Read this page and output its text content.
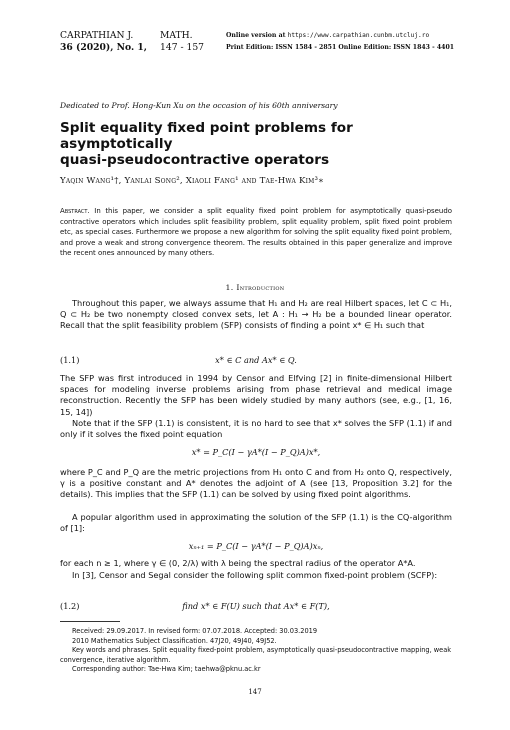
CARPATHIAN J.
36 (2020), No. 1,
MATH.
147 - 157
Online version at https://www.carpathian.cunbm.utcluj.ro
Print Edition: ISSN 1584 - 2851 Online Edition: ISSN 1843 - 4401
Dedicated to Prof. Hong-Kun Xu on the occasion of his 60th anniversary
Split equality fixed point problems for asymptotically
quasi-pseudocontractive operators
Yaqin Wang¹†, Yanlai Song², Xiaoli Fang¹ and Tae-Hwa Kim³∗
Abstract. In this paper, we consider a split equality fixed point problem for asymptotically quasi-pseudo contractive operators which includes split feasibility problem, split equality problem, split fixed point problem etc, as special cases. Furthermore we propose a new algorithm for solving the split equality fixed point problem, and prove a weak and strong convergence theorem. The results obtained in this paper generalize and improve the recent ones announced by many others.
1. Introduction
Throughout this paper, we always assume that H₁ and H₂ are real Hilbert spaces, let C ⊂ H₁, Q ⊂ H₂ be two nonempty closed convex sets, let A : H₁ → H₂ be a bounded linear operator. Recall that the split feasibility problem (SFP) consists of finding a point x* ∈ H₁ such that
(1.1)	x* ∈ C and Ax* ∈ Q.
The SFP was first introduced in 1994 by Censor and Elfving [2] in finite-dimensional Hilbert spaces for modeling inverse problems arising from phase retrieval and medical image reconstruction. Recently the SFP has been widely studied by many authors (see, e.g., [1, 16, 15, 14])
Note that if the SFP (1.1) is consistent, it is no hard to see that x* solves the SFP (1.1) if and only if it solves the fixed point equation
x* = P_C(I − γA*(I − P_Q)A)x*,
where P_C and P_Q are the metric projections from H₁ onto C and from H₂ onto Q, respectively, γ is a positive constant and A* denotes the adjoint of A (see [13, Proposition 3.2] for the details). This implies that the SFP (1.1) can be solved by using fixed point algorithms.
A popular algorithm used in approximating the solution of the SFP (1.1) is the CQ-algorithm of [1]:
xₙ₊₁ = P_C(I − γA*(I − P_Q)A)xₙ,
for each n ≥ 1, where γ ∈ (0, 2/λ) with λ being the spectral radius of the operator A*A.
In [3], Censor and Segal consider the following split common fixed-point problem (SCFP):
(1.2)	find x* ∈ F(U) such that Ax* ∈ F(T),
Received: 29.09.2017. In revised form: 07.07.2018. Accepted: 30.03.2019
2010 Mathematics Subject Classification. 47J20, 49J40, 49J52.
Key words and phrases. Split equality fixed-point problem, asymptotically quasi-pseudocontractive mapping, weak convergence, iterative algorithm.
Corresponding author: Tae-Hwa Kim; taehwa@pknu.ac.kr
147
